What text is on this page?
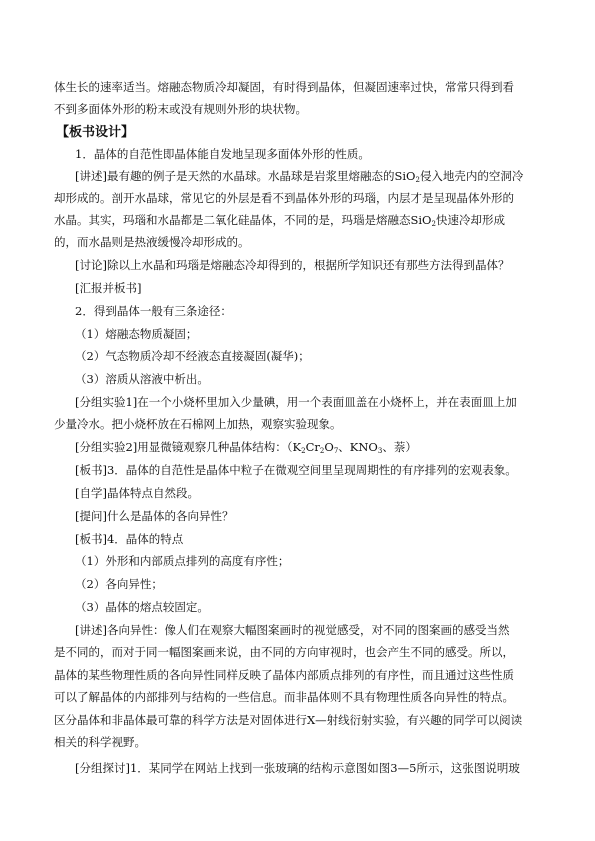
体生长的速率适当。熔融态物质冷却凝固，有时得到晶体，但凝固速率过快，常常只得到看
不到多面体外形的粉末或没有规则外形的块状物。
【板书设计】
1．晶体的自范性即晶体能自发地呈现多面体外形的性质。
[讲述]最有趣的例子是天然的水晶球。水晶球是岩浆里熔融态的SiO$_2$侵入地壳内的空洞冷
却形成的。剖开水晶球，常见它的外层是看不到晶体外形的玛瑙，内层才是呈现晶体外形的
水晶。其实，玛瑙和水晶都是二氧化硅晶体，不同的是，玛瑙是熔融态SiO$_2$快速冷却形成
的，而水晶则是热液缓慢冷却形成的。
[讨论]除以上水晶和玛瑙是熔融态冷却得到的，根据所学知识还有那些方法得到晶体？
[汇报并板书]
2．得到晶体一般有三条途径：
（1）熔融态物质凝固；
（2）气态物质冷却不经液态直接凝固(凝华)；
（3）溶质从溶液中析出。
[分组实验1]在一个小烧杯里加入少量碘，用一个表面皿盖在小烧杯上，并在表面皿上加
少量冷水。把小烧杯放在石棉网上加热，观察实验现象。
[分组实验2]用显微镜观察几种晶体结构：（$K_2Cr_2O_7$、$KNO_3$、萘）
[板书]3．晶体的自范性是晶体中粒子在微观空间里呈现周期性的有序排列的宏观表象。
[自学]晶体特点自然段。
[提问]什么是晶体的各向异性？
[板书]4．晶体的特点
（1）外形和内部质点排列的高度有序性；
（2）各向异性；
（3）晶体的熔点较固定。
[讲述]各向异性：像人们在观察大幅图案画时的视觉感受，对不同的图案画的感受当然
是不同的，而对于同一幅图案画来说，由不同的方向审视时，也会产生不同的感受。所以，
晶体的某些物理性质的各向异性同样反映了晶体内部质点排列的有序性，而且通过这些性质
可以了解晶体的内部排列与结构的一些信息。而非晶体则不具有物理性质各向异性的特点。
区分晶体和非晶体最可靠的科学方法是对固体进行X—射线衍射实验，有兴趣的同学可以阅读
相关的科学视野。
[分组探讨]1．某同学在网站上找到一张玻璃的结构示意图如图3—5所示，这张图说明玻
